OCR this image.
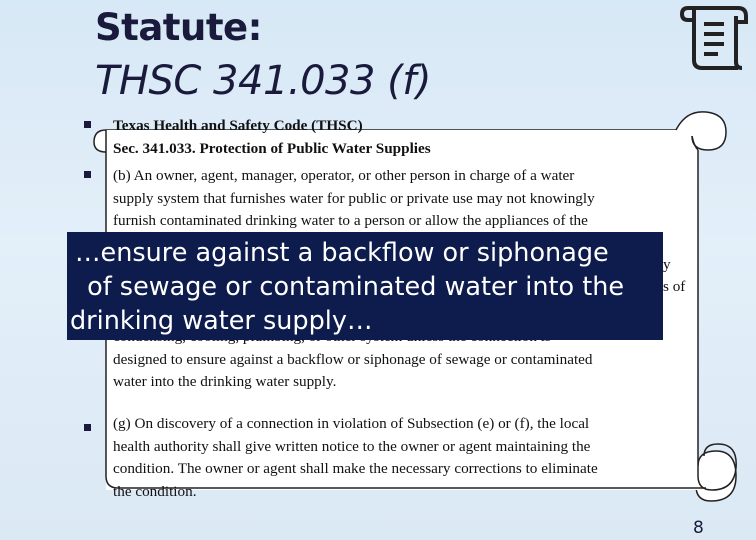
Statute:
THSC 341.033 (f)
Texas Health and Safety Code (THSC)
Sec. 341.033. Protection of Public Water Supplies
(b) An owner, agent, manager, operator, or other person in charge of a water
supply system that furnishes water for public or private use may not knowingly
furnish contaminated drinking water to a person or allow the appliances of the
y
s of
designed to ensure against a backflow or siphonage of sewage or contaminated
water into the drinking water supply.
(g) On discovery of a connection in violation of Subsection (e) or (f), the local
health authority shall give written notice to the owner or agent maintaining the
condition. The owner or agent shall make the necessary corrections to eliminate
the condition.
…ensure against a backflow or siphonage
of sewage or contaminated water into the
drinking water supply…
8
